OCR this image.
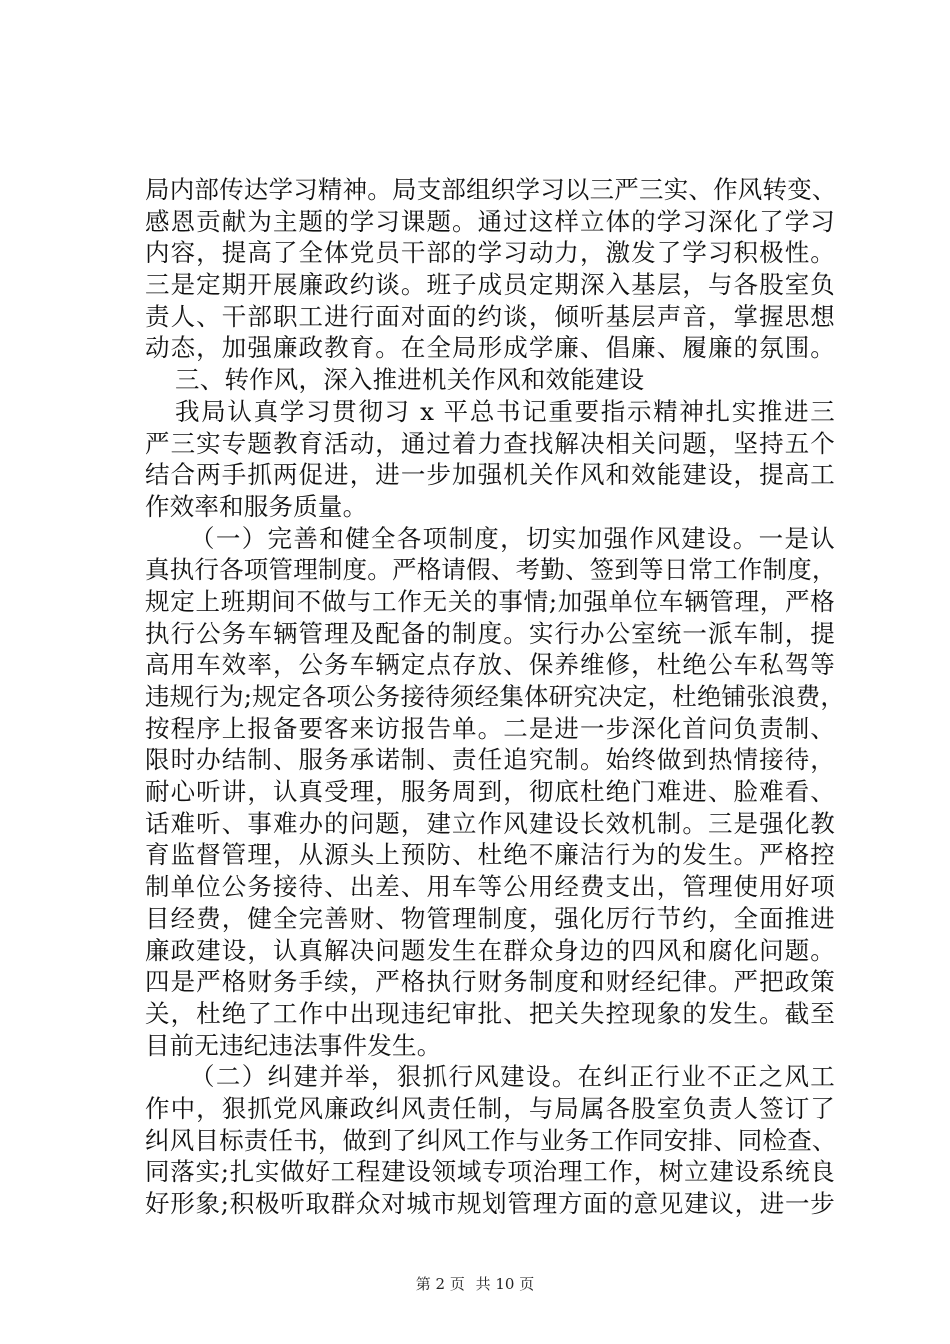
局内部传达学习精神。局支部组织学习以三严三实、作风转变、
感恩贡献为主题的学习课题。通过这样立体的学习深化了学习
内容，提高了全体党员干部的学习动力，激发了学习积极性。
三是定期开展廉政约谈。班子成员定期深入基层，与各股室负
责人、干部职工进行面对面的约谈，倾听基层声音，掌握思想
动态，加强廉政教育。在全局形成学廉、倡廉、履廉的氛围。
三、转作风，深入推进机关作风和效能建设
我局认真学习贯彻习 x 平总书记重要指示精神扎实推进三
严三实专题教育活动，通过着力查找解决相关问题，坚持五个
结合两手抓两促进，进一步加强机关作风和效能建设，提高工
作效率和服务质量。
（一）完善和健全各项制度，切实加强作风建设。一是认
真执行各项管理制度。严格请假、考勤、签到等日常工作制度，
规定上班期间不做与工作无关的事情;加强单位车辆管理，严格
执行公务车辆管理及配备的制度。实行办公室统一派车制，提
高用车效率，公务车辆定点存放、保养维修，杜绝公车私驾等
违规行为;规定各项公务接待须经集体研究决定，杜绝铺张浪费，
按程序上报备要客来访报告单。二是进一步深化首问负责制、
限时办结制、服务承诺制、责任追究制。始终做到热情接待，
耐心听讲，认真受理，服务周到，彻底杜绝门难进、脸难看、
话难听、事难办的问题，建立作风建设长效机制。三是强化教
育监督管理，从源头上预防、杜绝不廉洁行为的发生。严格控
制单位公务接待、出差、用车等公用经费支出，管理使用好项
目经费，健全完善财、物管理制度，强化厉行节约，全面推进
廉政建设，认真解决问题发生在群众身边的四风和腐化问题。
四是严格财务手续，严格执行财务制度和财经纪律。严把政策
关，杜绝了工作中出现违纪审批、把关失控现象的发生。截至
目前无违纪违法事件发生。
（二）纠建并举，狠抓行风建设。在纠正行业不正之风工
作中，狠抓党风廉政纠风责任制，与局属各股室负责人签订了
纠风目标责任书，做到了纠风工作与业务工作同安排、同检查、
同落实;扎实做好工程建设领域专项治理工作，树立建设系统良
好形象;积极听取群众对城市规划管理方面的意见建议，进一步
第 2 页 共 10 页
